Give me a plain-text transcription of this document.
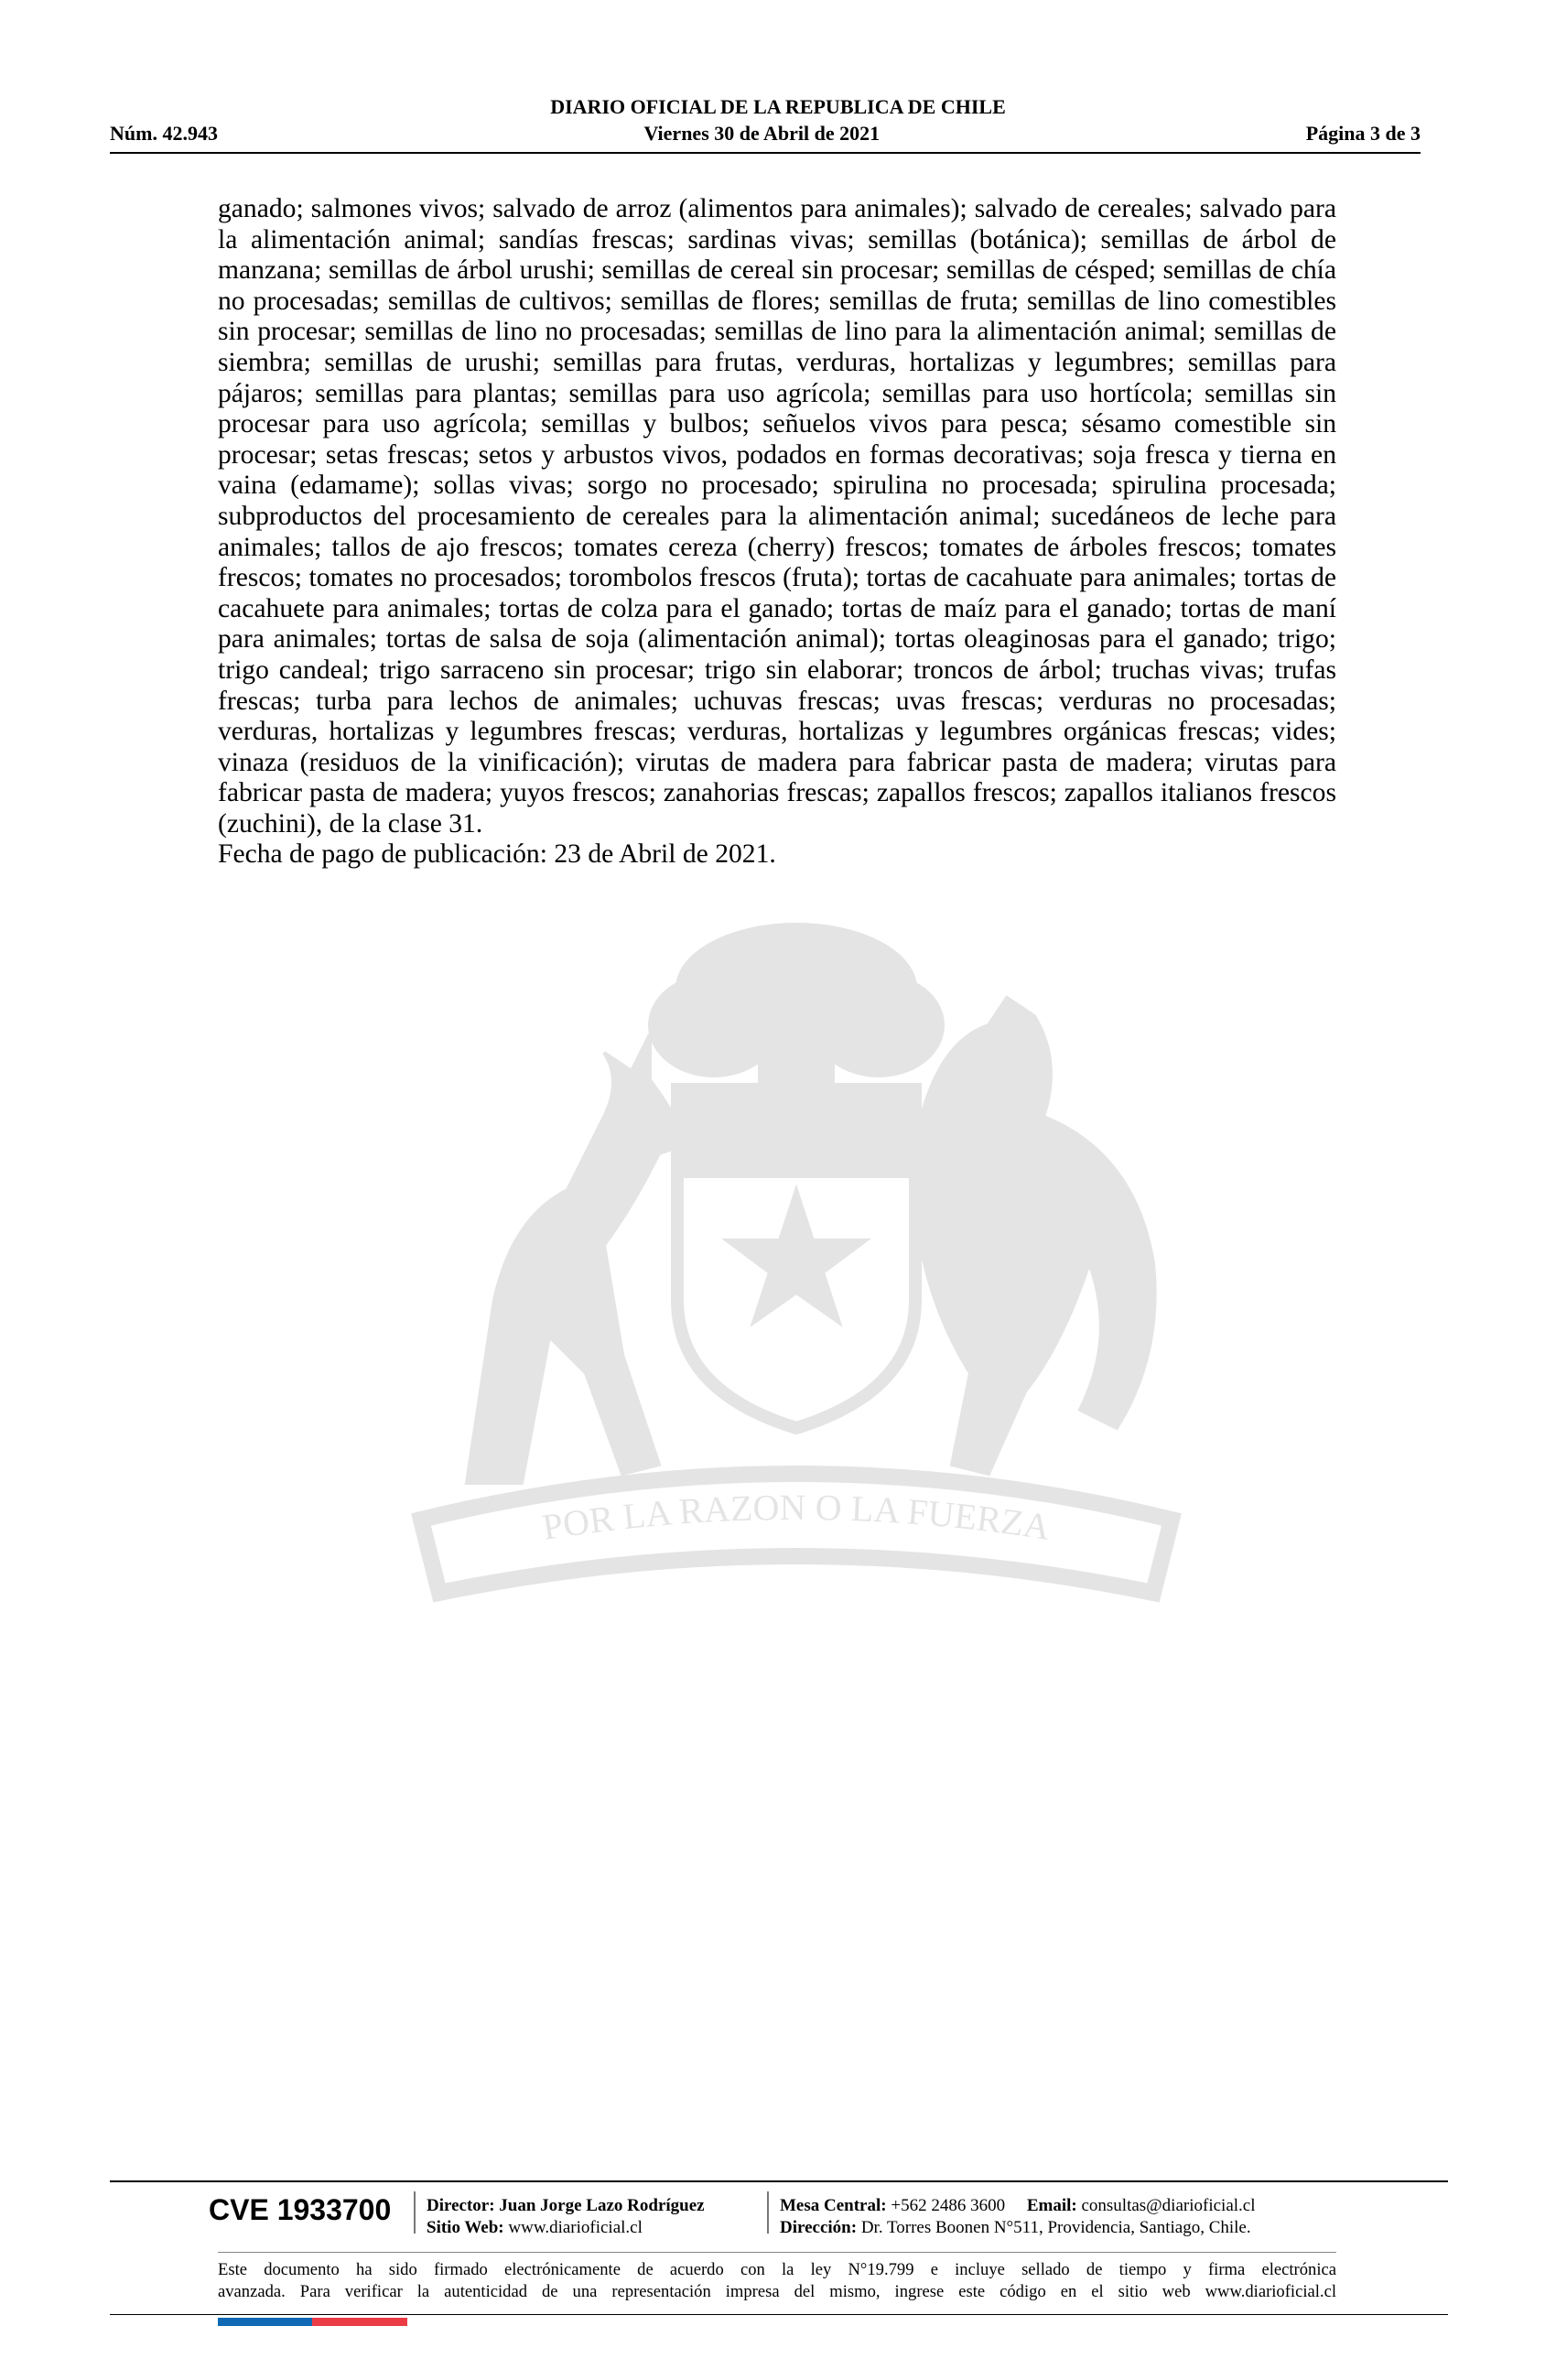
DIARIO OFICIAL DE LA REPUBLICA DE CHILE
Núm. 42.943	Viernes 30 de Abril de 2021	Página 3 de 3
POR LA RAZON O LA FUERZA

ganado; salmones vivos; salvado de arroz (alimentos para animales); salvado de cereales; salvado para la alimentación animal; sandías frescas; sardinas vivas; semillas (botánica); semillas de árbol de manzana; semillas de árbol urushi; semillas de cereal sin procesar; semillas de césped; semillas de chía no procesadas; semillas de cultivos; semillas de flores; semillas de fruta; semillas de lino comestibles sin procesar; semillas de lino no procesadas; semillas de lino para la alimentación animal; semillas de siembra; semillas de urushi; semillas para frutas, verduras, hortalizas y legumbres; semillas para pájaros; semillas para plantas; semillas para uso agrícola; semillas para uso hortícola; semillas sin procesar para uso agrícola; semillas y bulbos; señuelos vivos para pesca; sésamo comestible sin procesar; setas frescas; setos y arbustos vivos, podados en formas decorativas; soja fresca y tierna en vaina (edamame); sollas vivas; sorgo no procesado; spirulina no procesada; spirulina procesada; subproductos del procesamiento de cereales para la alimentación animal; sucedáneos de leche para animales; tallos de ajo frescos; tomates cereza (cherry) frescos; tomates de árboles frescos; tomates frescos; tomates no procesados; torombolos frescos (fruta); tortas de cacahuate para animales; tortas de cacahuete para animales; tortas de colza para el ganado; tortas de maíz para el ganado; tortas de maní para animales; tortas de salsa de soja (alimentación animal); tortas oleaginosas para el ganado; trigo; trigo candeal; trigo sarraceno sin procesar; trigo sin elaborar; troncos de árbol; truchas vivas; trufas frescas; turba para lechos de animales; uchuvas frescas; uvas frescas; verduras no procesadas; verduras, hortalizas y legumbres frescas; verduras, hortalizas y legumbres orgánicas frescas; vides; vinaza (residuos de la vinificación); virutas de madera para fabricar pasta de madera; virutas para fabricar pasta de madera; yuyos frescos; zanahorias frescas; zapallos frescos; zapallos italianos frescos (zuchini), de la clase 31.

Fecha de pago de publicación: 23 de Abril de 2021.

CVE 1933700	Director: Juan Jorge Lazo Rodríguez
Sitio Web: www.diarioficial.cl
Mesa Central: +562 2486 3600 Email: consultas@diarioficial.cl
Dirección: Dr. Torres Boonen N°511, Providencia, Santiago, Chile.
Este documento ha sido firmado electrónicamente de acuerdo con la ley N°19.799 e incluye sellado de tiempo y firma electrónica
avanzada. Para verificar la autenticidad de una representación impresa del mismo, ingrese este código en el sitio web www.diarioficial.cl
